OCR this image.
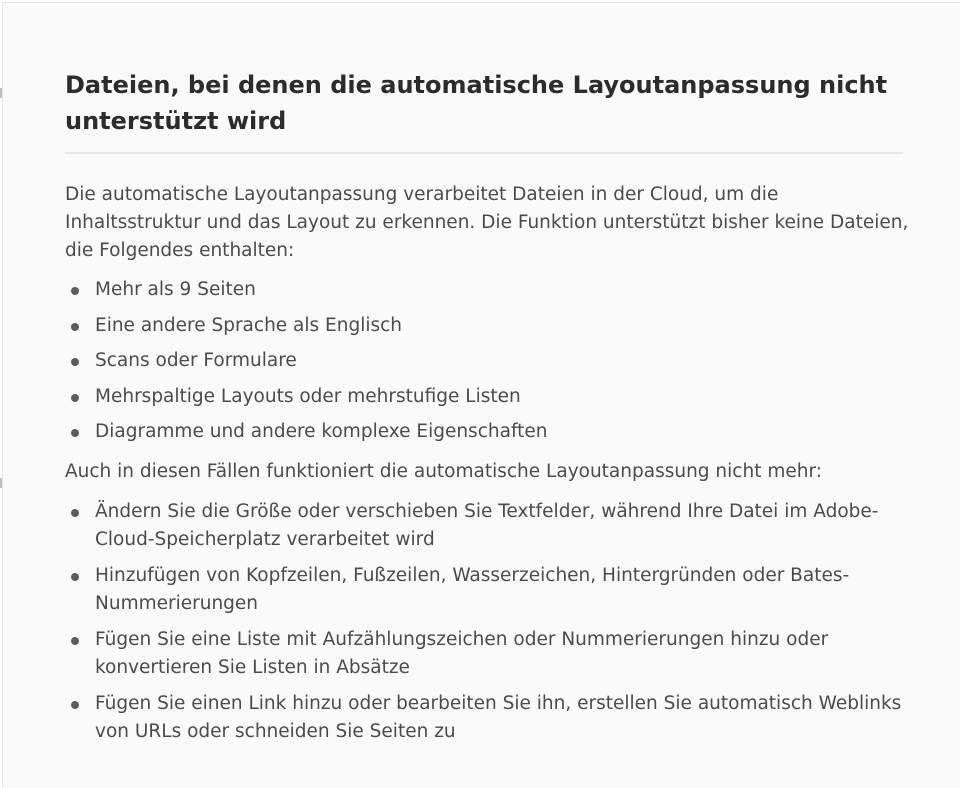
Dateien, bei denen die automatische Layoutanpassung nicht unterstützt wird

Die automatische Layoutanpassung verarbeitet Dateien in der Cloud, um die Inhaltsstruktur und das Layout zu erkennen. Die Funktion unterstützt bisher keine Dateien, die Folgendes enthalten:

Mehr als 9 Seiten
Eine andere Sprache als Englisch
Scans oder Formulare
Mehrspaltige Layouts oder mehrstufige Listen
Diagramme und andere komplexe Eigenschaften

Auch in diesen Fällen funktioniert die automatische Layoutanpassung nicht mehr:

Ändern Sie die Größe oder verschieben Sie Textfelder, während Ihre Datei im Adobe- Cloud-Speicherplatz verarbeitet wird
Hinzufügen von Kopfzeilen, Fußzeilen, Wasserzeichen, Hintergründen oder Bates-Nummerierungen
Fügen Sie eine Liste mit Aufzählungszeichen oder Nummerierungen hinzu oder konvertieren Sie Listen in Absätze
Fügen Sie einen Link hinzu oder bearbeiten Sie ihn, erstellen Sie automatisch Weblinks von URLs oder schneiden Sie Seiten zu
